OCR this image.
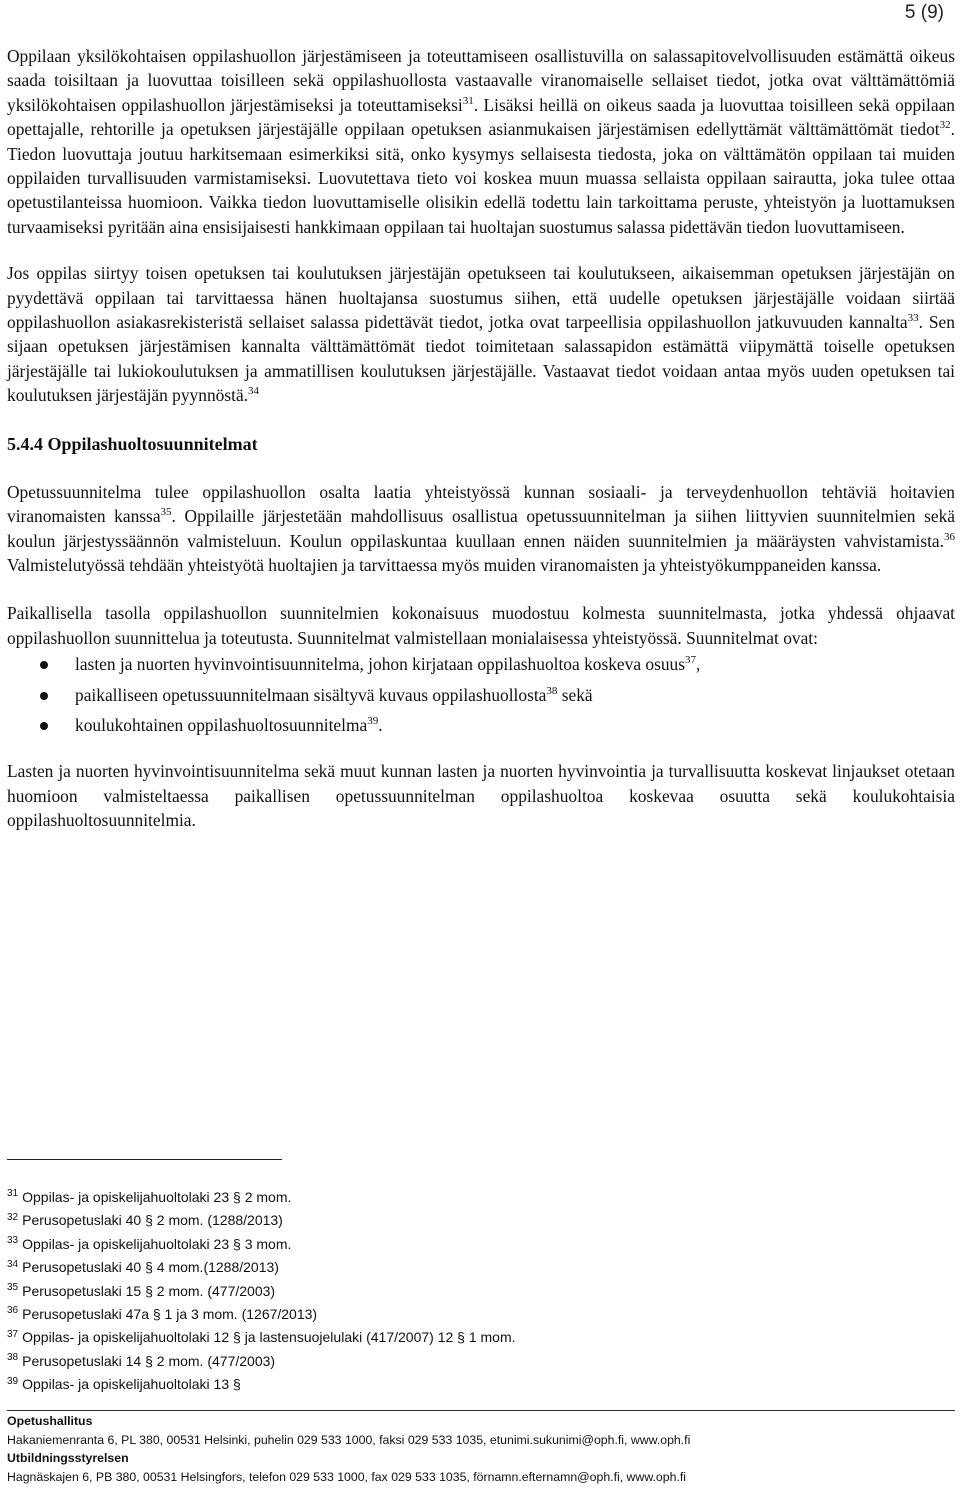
5 (9)

Oppilaan yksilökohtaisen oppilashuollon järjestämiseen ja toteuttamiseen osallistuvilla on salassapitovelvollisuuden estämättä oikeus saada toisiltaan ja luovuttaa toisilleen sekä oppilashuollosta vastaavalle viranomaiselle sellaiset tiedot, jotka ovat välttämättömiä yksilökohtaisen oppilashuollon järjestämiseksi ja toteuttamiseksi$^{31}$. Lisäksi heillä on oikeus saada ja luovuttaa toisilleen sekä oppilaan opettajalle, rehtorille ja opetuksen järjestäjälle oppilaan opetuksen asianmukaisen järjestämisen edellyttämät välttämättömät tiedot$^{32}$. Tiedon luovuttaja joutuu harkitsemaan esimerkiksi sitä, onko kysymys sellaisesta tiedosta, joka on välttämätön oppilaan tai muiden oppilaiden turvallisuuden varmistamiseksi. Luovutettava tieto voi koskea muun muassa sellaista oppilaan sairautta, joka tulee ottaa opetustilanteissa huomioon. Vaikka tiedon luovuttamiselle olisikin edellä todettu lain tarkoittama peruste, yhteistyön ja luottamuksen turvaamiseksi pyritään aina ensisijaisesti hankkimaan oppilaan tai huoltajan suostumus salassa pidettävän tiedon luovuttamiseen.

Jos oppilas siirtyy toisen opetuksen tai koulutuksen järjestäjän opetukseen tai koulutukseen, aikaisemman opetuksen järjestäjän on pyydettävä oppilaan tai tarvittaessa hänen huoltajansa suostumus siihen, että uudelle opetuksen järjestäjälle voidaan siirtää oppilashuollon asiakasrekisteristä sellaiset salassa pidettävät tiedot, jotka ovat tarpeellisia oppilashuollon jatkuvuuden kannalta$^{33}$. Sen sijaan opetuksen järjestämisen kannalta välttämättömät tiedot toimitetaan salassapidon estämättä viipymättä toiselle opetuksen järjestäjälle tai lukiokoulutuksen ja ammatillisen koulutuksen järjestäjälle. Vastaavat tiedot voidaan antaa myös uuden opetuksen tai koulutuksen järjestäjän pyynnöstä.$^{34}$

5.4.4 Oppilashuoltosuunnitelmat

Opetussuunnitelma tulee oppilashuollon osalta laatia yhteistyössä kunnan sosiaali- ja terveydenhuollon tehtäviä hoitavien viranomaisten kanssa$^{35}$. Oppilaille järjestetään mahdollisuus osallistua opetussuunnitelman ja siihen liittyvien suunnitelmien sekä koulun järjestyssäännön valmisteluun. Koulun oppilaskuntaa kuullaan ennen näiden suunnitelmien ja määräysten vahvistamista.$^{36}$ Valmistelutyössä tehdään yhteistyötä huoltajien ja tarvittaessa myös muiden viranomaisten ja yhteistyökumppaneiden kanssa.

Paikallisella tasolla oppilashuollon suunnitelmien kokonaisuus muodostuu kolmesta suunnitelmasta, jotka yhdessä ohjaavat oppilashuollon suunnittelua ja toteutusta. Suunnitelmat valmistellaan monialaisessa yhteistyössä. Suunnitelmat ovat:

lasten ja nuorten hyvinvointisuunnitelma, johon kirjataan oppilashuoltoa koskeva osuus$^{37}$,
paikalliseen opetussuunnitelmaan sisältyvä kuvaus oppilashuollosta$^{38}$ sekä
koulukohtainen oppilashuoltosuunnitelma$^{39}$.

Lasten ja nuorten hyvinvointisuunnitelma sekä muut kunnan lasten ja nuorten hyvinvointia ja turvallisuutta koskevat linjaukset otetaan huomioon valmisteltaessa paikallisen opetussuunnitelman oppilashuoltoa koskevaa osuutta sekä koulukohtaisia oppilashuoltosuunnitelmia.

$^{31}$ Oppilas- ja opiskelijahuoltolaki 23 § 2 mom.
$^{32}$ Perusopetuslaki 40 § 2 mom. (1288/2013)
$^{33}$ Oppilas- ja opiskelijahuoltolaki 23 § 3 mom.
$^{34}$ Perusopetuslaki 40 § 4 mom.(1288/2013)
$^{35}$ Perusopetuslaki 15 § 2 mom. (477/2003)
$^{36}$ Perusopetuslaki 47a § 1 ja 3 mom. (1267/2013)
$^{37}$ Oppilas- ja opiskelijahuoltolaki 12 § ja lastensuojelulaki (417/2007) 12 § 1 mom.
$^{38}$ Perusopetuslaki 14 § 2 mom. (477/2003)
$^{39}$ Oppilas- ja opiskelijahuoltolaki 13 §
Opetushallitus
Hakaniemenranta 6, PL 380, 00531 Helsinki, puhelin 029 533 1000, faksi 029 533 1035, etunimi.sukunimi@oph.fi, www.oph.fi
Utbildningsstyrelsen
Hagnäskajen 6, PB 380, 00531 Helsingfors, telefon 029 533 1000, fax 029 533 1035, förnamn.efternamn@oph.fi, www.oph.fi
